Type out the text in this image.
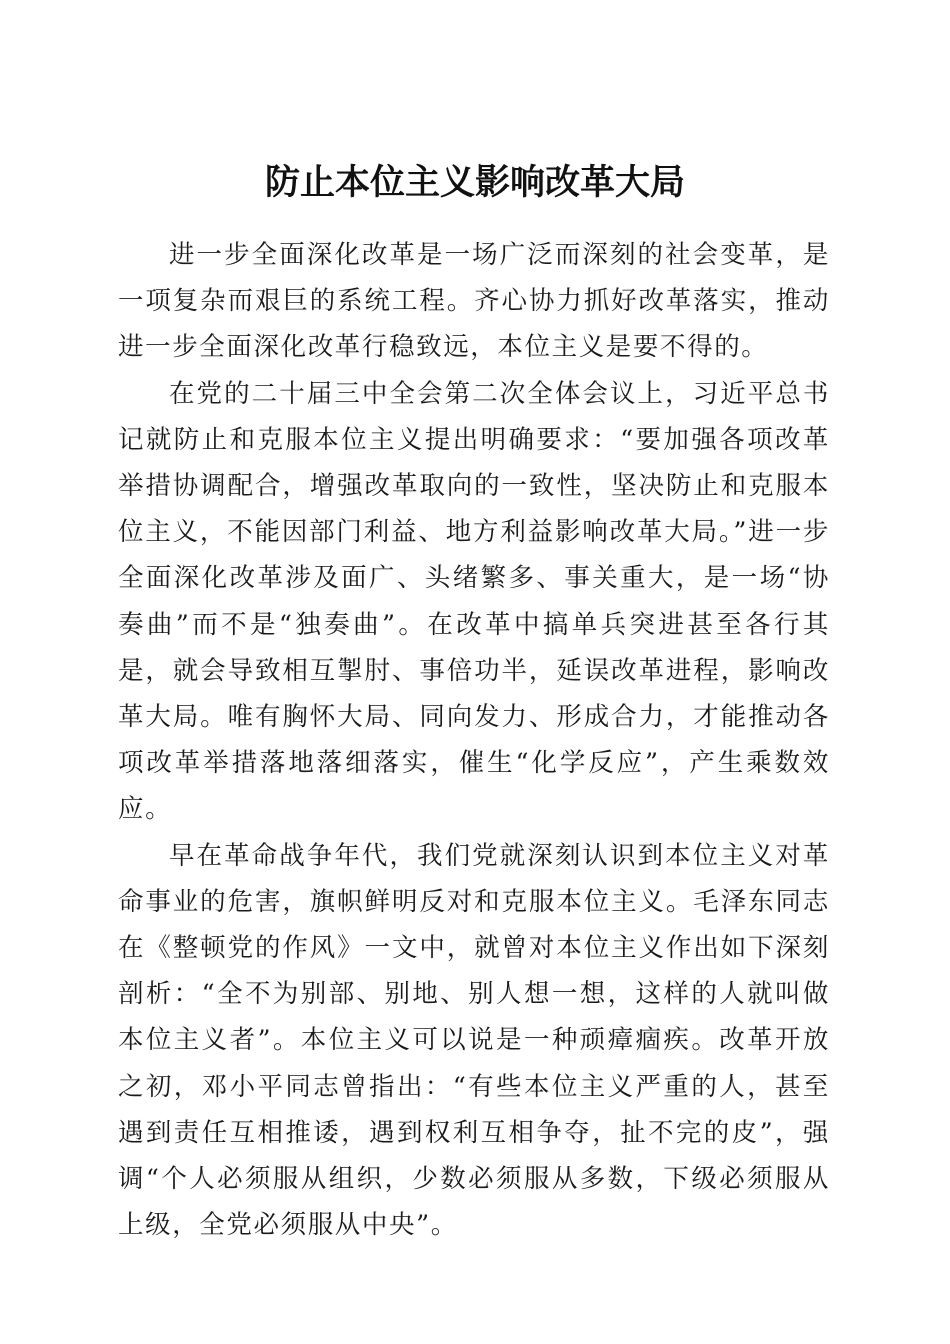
防止本位主义影响改革大局

进一步全面深化改革是一场广泛而深刻的社会变革，是一项复杂而艰巨的系统工程。齐心协力抓好改革落实，推动进一步全面深化改革行稳致远，本位主义是要不得的。

在党的二十届三中全会第二次全体会议上，习近平总书记就防止和克服本位主义提出明确要求：“要加强各项改革举措协调配合，增强改革取向的一致性，坚决防止和克服本位主义，不能因部门利益、地方利益影响改革大局。”进一步全面深化改革涉及面广、头绪繁多、事关重大，是一场“协奏曲”而不是“独奏曲”。在改革中搞单兵突进甚至各行其是，就会导致相互掣肘、事倍功半，延误改革进程，影响改革大局。唯有胸怀大局、同向发力、形成合力，才能推动各项改革举措落地落细落实，催生“化学反应”，产生乘数效应。

早在革命战争年代，我们党就深刻认识到本位主义对革命事业的危害，旗帜鲜明反对和克服本位主义。毛泽东同志在《整顿党的作风》一文中，就曾对本位主义作出如下深刻剖析：“全不为别部、别地、别人想一想，这样的人就叫做本位主义者”。本位主义可以说是一种顽瘴痼疾。改革开放之初，邓小平同志曾指出：“有些本位主义严重的人，甚至遇到责任互相推诿，遇到权利互相争夺，扯不完的皮”，强调“个人必须服从组织，少数必须服从多数，下级必须服从上级，全党必须服从中央”。
